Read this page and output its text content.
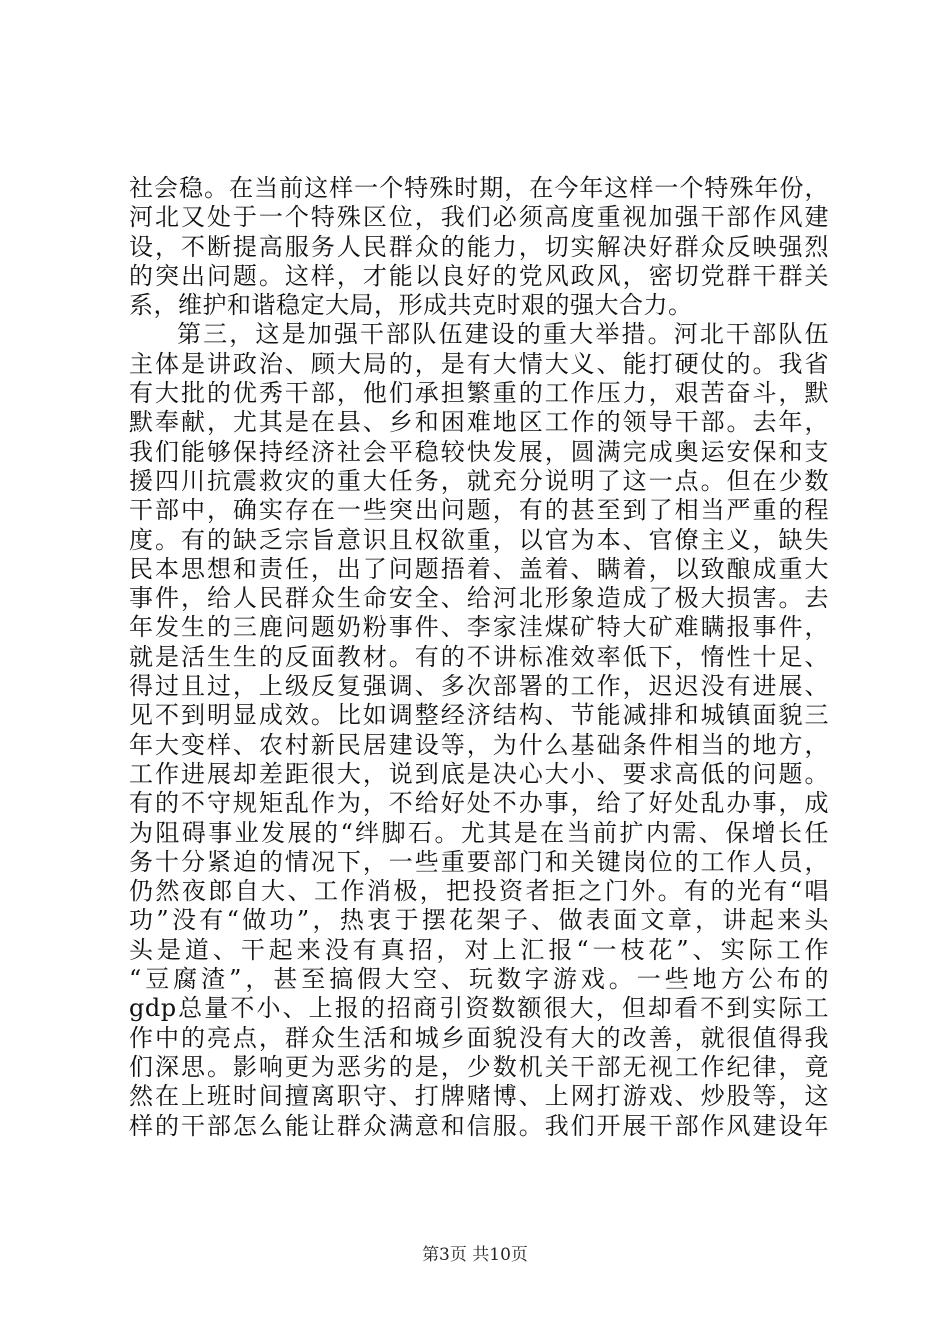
社会稳。在当前这样一个特殊时期，在今年这样一个特殊年份，
河北又处于一个特殊区位，我们必须高度重视加强干部作风建
设，不断提高服务人民群众的能力，切实解决好群众反映强烈
的突出问题。这样，才能以良好的党风政风，密切党群干群关
系，维护和谐稳定大局，形成共克时艰的强大合力。
第三，这是加强干部队伍建设的重大举措。河北干部队伍
主体是讲政治、顾大局的，是有大情大义、能打硬仗的。我省
有大批的优秀干部，他们承担繁重的工作压力，艰苦奋斗，默
默奉献，尤其是在县、乡和困难地区工作的领导干部。去年，
我们能够保持经济社会平稳较快发展，圆满完成奥运安保和支
援四川抗震救灾的重大任务，就充分说明了这一点。但在少数
干部中，确实存在一些突出问题，有的甚至到了相当严重的程
度。有的缺乏宗旨意识且权欲重，以官为本、官僚主义，缺失
民本思想和责任，出了问题捂着、盖着、瞒着，以致酿成重大
事件，给人民群众生命安全、给河北形象造成了极大损害。去
年发生的三鹿问题奶粉事件、李家洼煤矿特大矿难瞒报事件，
就是活生生的反面教材。有的不讲标准效率低下，惰性十足、
得过且过，上级反复强调、多次部署的工作，迟迟没有进展、
见不到明显成效。比如调整经济结构、节能减排和城镇面貌三
年大变样、农村新民居建设等，为什么基础条件相当的地方，
工作进展却差距很大，说到底是决心大小、要求高低的问题。
有的不守规矩乱作为，不给好处不办事，给了好处乱办事，成
为阻碍事业发展的“绊脚石。尤其是在当前扩内需、保增长任
务十分紧迫的情况下，一些重要部门和关键岗位的工作人员，
仍然夜郎自大、工作消极，把投资者拒之门外。有的光有“唱
功”没有“做功”，热衷于摆花架子、做表面文章，讲起来头
头是道、干起来没有真招，对上汇报“一枝花”、实际工作
“豆腐渣”，甚至搞假大空、玩数字游戏。一些地方公布的
gdp总量不小、上报的招商引资数额很大，但却看不到实际工
作中的亮点，群众生活和城乡面貌没有大的改善，就很值得我
们深思。影响更为恶劣的是，少数机关干部无视工作纪律，竟
然在上班时间擅离职守、打牌赌博、上网打游戏、炒股等，这
样的干部怎么能让群众满意和信服。我们开展干部作风建设年
第3页 共10页
